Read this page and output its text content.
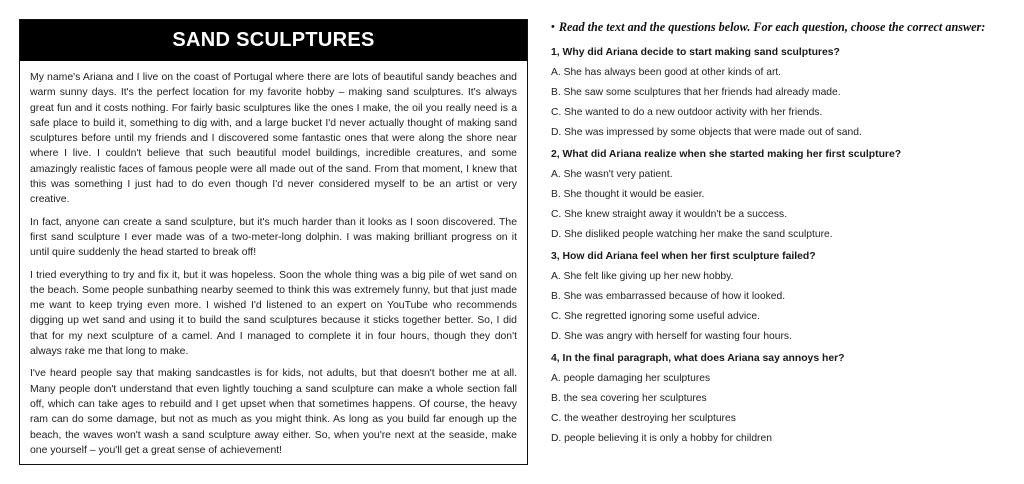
SAND SCULPTURES

My name's Ariana and I live on the coast of Portugal where there are lots of beautiful sandy beaches and warm sunny days. It's the perfect location for my favorite hobby – making sand sculptures. It's always great fun and it costs nothing. For fairly basic sculptures like the ones I make, the oil you really need is a safe place to build it, something to dig with, and a large bucket I'd never actually thought of making sand sculptures before until my friends and I discovered some fantastic ones that were along the shore near where I live. I couldn't believe that such beautiful model buildings, incredible creatures, and some amazingly realistic faces of famous people were all made out of the sand. From that moment, I knew that this was something I just had to do even though I'd never considered myself to be an artist or very creative.

In fact, anyone can create a sand sculpture, but it's much harder than it looks as I soon discovered. The first sand sculpture I ever made was of a two-meter-long dolphin. I was making brilliant progress on it until quire suddenly the head started to break off!

I tried everything to try and fix it, but it was hopeless. Soon the whole thing was a big pile of wet sand on the beach. Some people sunbathing nearby seemed to think this was extremely funny, but that just made me want to keep trying even more. I wished I'd listened to an expert on YouTube who recommends digging up wet sand and using it to build the sand sculptures because it sticks together better. So, I did that for my next sculpture of a camel. And I managed to complete it in four hours, though they don't always rake me that long to make.

I've heard people say that making sandcastles is for kids, not adults, but that doesn't bother me at all. Many people don't understand that even lightly touching a sand sculpture can make a whole section fall off, which can take ages to rebuild and I get upset when that sometimes happens. Of course, the heavy ram can do some damage, but not as much as you might think. As long as you build far enough up the beach, the waves won't wash a sand sculpture away either. So, when you're next at the seaside, make one yourself – you'll get a great sense of achievement!

• Read the text and the questions below. For each question, choose the correct answer:
1, Why did Ariana decide to start making sand sculptures?
A. She has always been good at other kinds of art.
B. She saw some sculptures that her friends had already made.
C. She wanted to do a new outdoor activity with her friends.
D. She was impressed by some objects that were made out of sand.
2, What did Ariana realize when she started making her first sculpture?
A. She wasn't very patient.
B. She thought it would be easier.
C. She knew straight away it wouldn't be a success.
D. She disliked people watching her make the sand sculpture.
3, How did Ariana feel when her first sculpture failed?
A. She felt like giving up her new hobby.
B. She was embarrassed because of how it looked.
C. She regretted ignoring some useful advice.
D. She was angry with herself for wasting four hours.
4, In the final paragraph, what does Ariana say annoys her?
A. people damaging her sculptures
B. the sea covering her sculptures
C. the weather destroying her sculptures
D. people believing it is only a hobby for children
